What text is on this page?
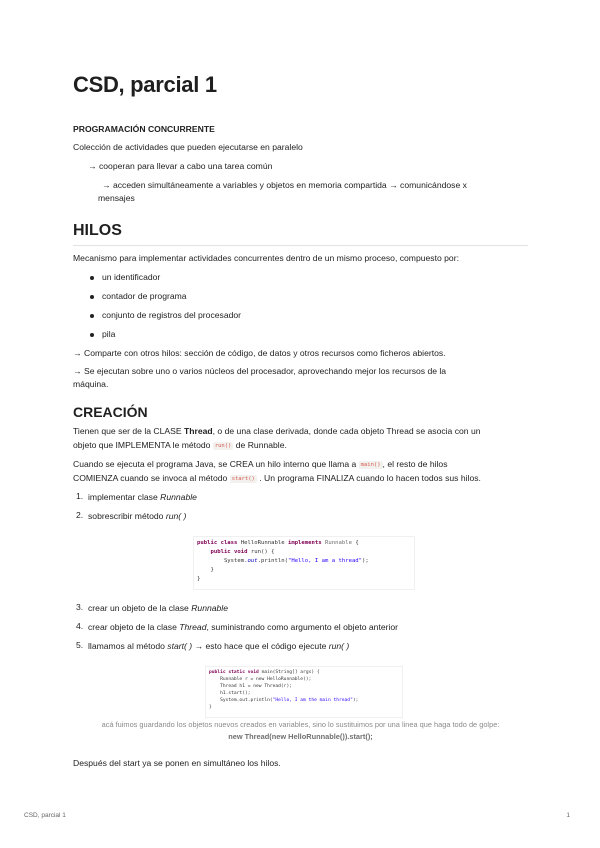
CSD, parcial 1
PROGRAMACIÓN CONCURRENTE
Colección de actividades que pueden ejecutarse en paralelo
→ cooperan para llevar a cabo una tarea común
→ acceden simultáneamente a variables y objetos en memoria compartida → comunicándose x
mensajes
HILOS
Mecanismo para implementar actividades concurrentes dentro de un mismo proceso, compuesto por:
un identificador
contador de programa
conjunto de registros del procesador
pila
→ Comparte con otros hilos: sección de código, de datos y otros recursos como ficheros abiertos.
→ Se ejecutan sobre uno o varios núcleos del procesador, aprovechando mejor los recursos de la
máquina.
CREACIÓN
Tienen que ser de la CLASE Thread, o de una clase derivada, donde cada objeto Thread se asocia con un
objeto que IMPLEMENTA le método run() de Runnable.
Cuando se ejecuta el programa Java, se CREA un hilo interno que llama a main() , el resto de hilos
COMIENZA cuando se invoca al método start() . Un programa FINALIZA cuando lo hacen todos sus hilos.
1. implementar clase Runnable
2. sobrescribir método run( )
public class HelloRunnable implements Runnable {
public void run() {
System.out.println("Hello, I am a thread");
}
}
3. crear un objeto de la clase Runnable
4. crear objeto de la clase Thread, suministrando como argumento el objeto anterior
5. llamamos al método start( ) → esto hace que el código ejecute run( )
public static void main(String[] args) {
Runnable r = new HelloRunnable();
Thread h1 = new Thread(r);
h1.start();
System.out.println("Hello, I am the main thread");
}
acá fuimos guardando los objetos nuevos creados en variables, sino lo sustituimos por una linea que haga todo de golpe:
new Thread(new HelloRunnable()).start();
Después del start ya se ponen en simultáneo los hilos.
CSD, parcial 1	1
